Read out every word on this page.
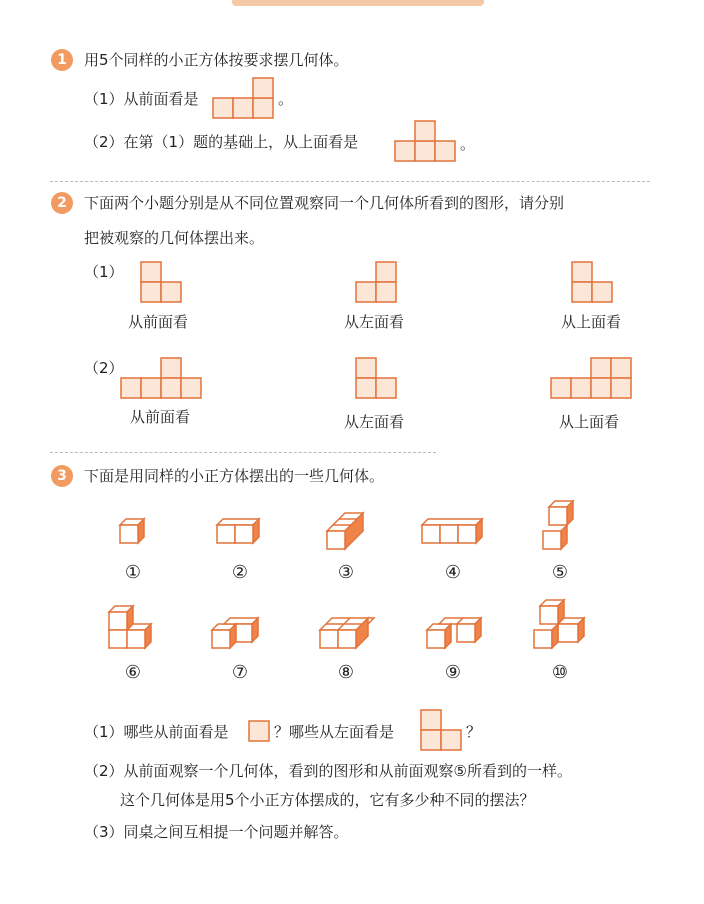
1	用5个同样的小正方体按要求摆几何体。
（1）从前面看是	。
（2）在第（1）题的基础上，从上面看是	。
2	下面两个小题分别是从不同位置观察同一个几何体所看到的图形，请分别
把被观察的几何体摆出来。
（1）
从前面看	从左面看	从上面看
（2）
从前面看	从左面看	从上面看
3	下面是用同样的小正方体摆出的一些几何体。
①	②	③	④	⑤
⑥	⑦	⑧	⑨	⑩
（1）哪些从前面看是	？哪些从左面看是	？
（2）从前面观察一个几何体，看到的图形和从前面观察⑤所看到的一样。
这个几何体是用5个小正方体摆成的，它有多少种不同的摆法？
（3）同桌之间互相提一个问题并解答。
